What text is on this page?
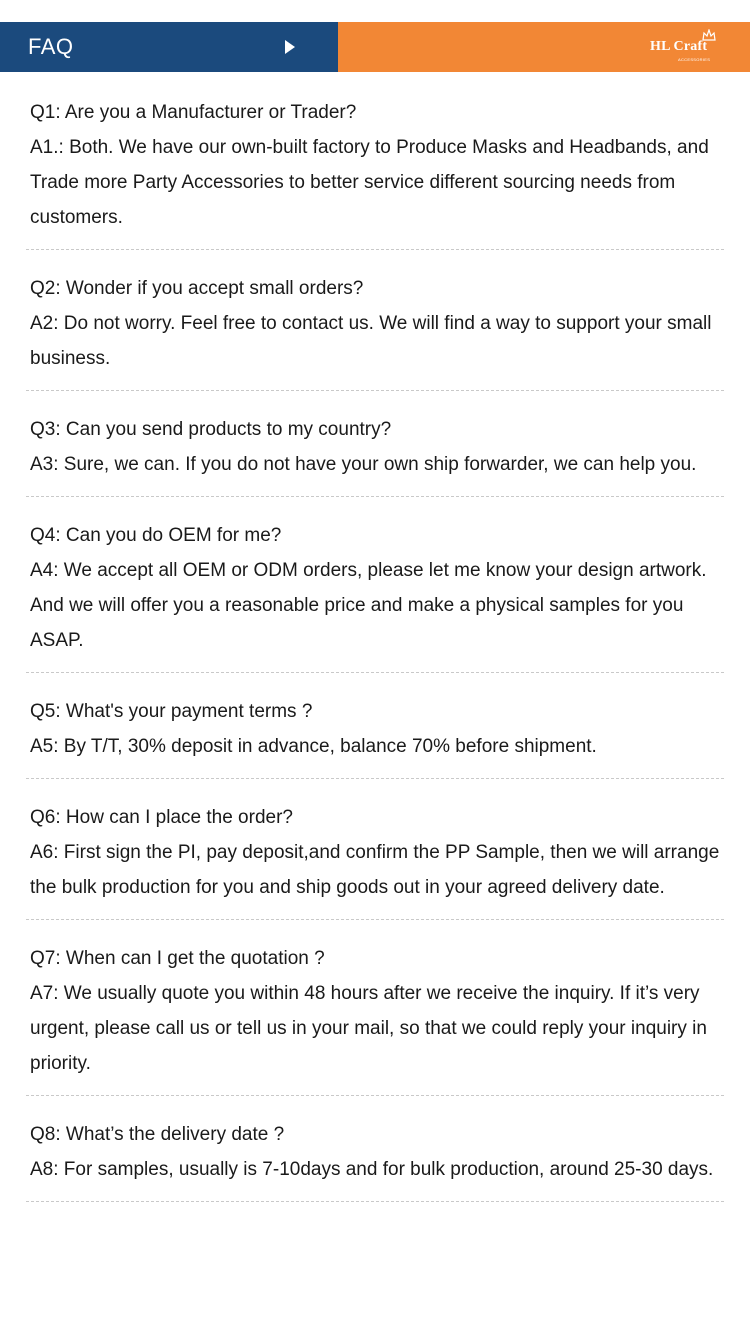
FAQ	HL Craft
ACCESSORIES
Q1: Are you a Manufacturer or Trader?
A1.: Both. We have our own-built factory to Produce Masks and Headbands, and Trade more Party Accessories to better service different sourcing needs from customers.
Q2: Wonder if you accept small orders?
A2: Do not worry. Feel free to contact us. We will find a way to support your small business.
Q3: Can you send products to my country?
A3: Sure, we can. If you do not have your own ship forwarder, we can help you.
Q4: Can you do OEM for me?
A4: We accept all OEM or ODM orders, please let me know your design artwork. And we will offer you a reasonable price and make a physical samples for you ASAP.
Q5: What's your payment terms ?
A5: By T/T, 30% deposit in advance, balance 70% before shipment.
Q6: How can I place the order?
A6: First sign the PI, pay deposit,and confirm the PP Sample, then we will arrange the bulk production for you and ship goods out in your agreed delivery date.
Q7: When can I get the quotation ?
A7: We usually quote you within 48 hours after we receive the inquiry. If it’s very urgent, please call us or tell us in your mail, so that we could reply your inquiry in priority.
Q8: What’s the delivery date ?
A8: For samples, usually is 7-10days and for bulk production, around 25-30 days.
